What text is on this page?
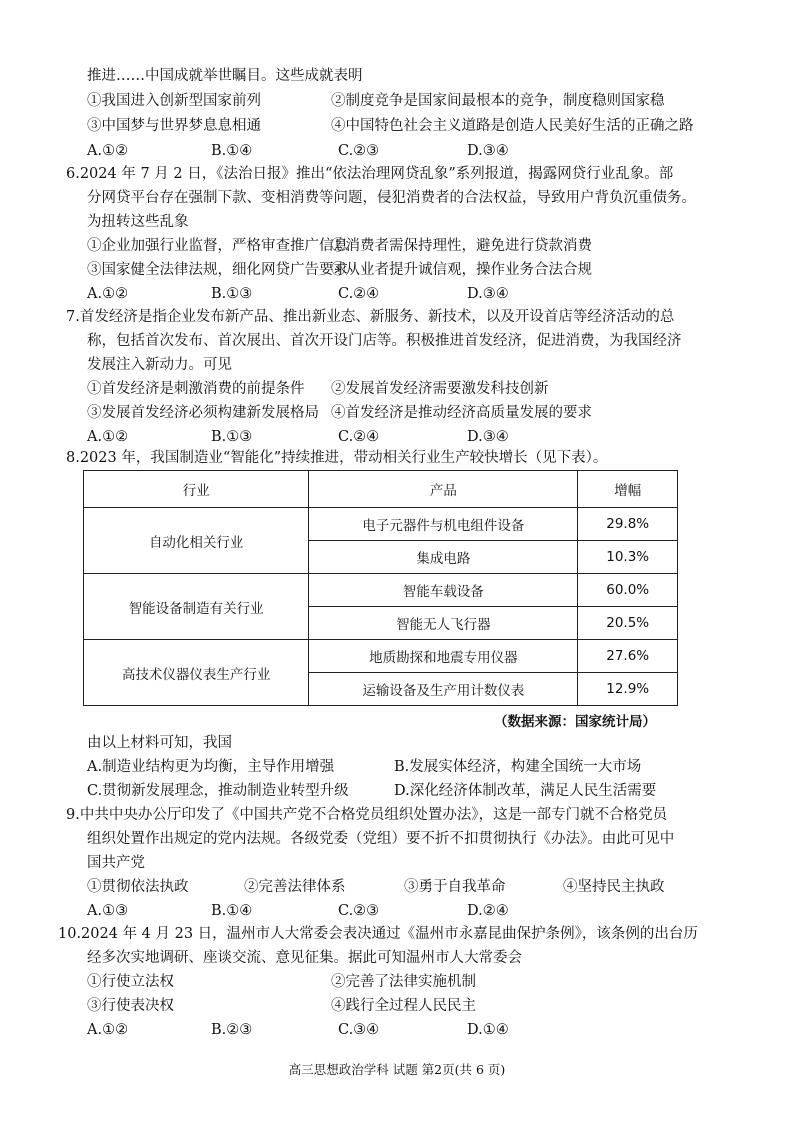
推进……中国成就举世瞩目。这些成就表明
①我国进入创新型国家前列	②制度竞争是国家间最根本的竞争，制度稳则国家稳
③中国梦与世界梦息息相通	④中国特色社会主义道路是创造人民美好生活的正确之路
A.①②	B.①④	C.②③	D.③④
6.2024 年 7 月 2 日，《法治日报》推出“依法治理网贷乱象”系列报道，揭露网贷行业乱象。部
分网贷平台存在强制下款、变相消费等问题，侵犯消费者的合法权益，导致用户背负沉重债务。
为扭转这些乱象
①企业加强行业监督，严格审查推广信息
②消费者需保持理性，避免进行贷款消费
③国家健全法律法规，细化网贷广告要求
④从业者提升诚信观，操作业务合法合规
A.①②	B.①③	C.②④	D.③④
7.首发经济是指企业发布新产品、推出新业态、新服务、新技术，以及开设首店等经济活动的总
称，包括首次发布、首次展出、首次开设门店等。积极推进首发经济，促进消费，为我国经济
发展注入新动力。可见
①首发经济是刺激消费的前提条件 ②发展首发经济需要激发科技创新
③发展首发经济必须构建新发展格局 ④首发经济是推动经济高质量发展的要求
A.①②	B.①③	C.②④	D.③④
8.2023 年，我国制造业“智能化”持续推进，带动相关行业生产较快增长（见下表）。
行业	产品	增幅
自动化相关行业	电子元器件与机电组件设备	29.8%
	集成电路	10.3%
智能设备制造有关行业	智能车载设备	60.0%
	智能无人飞行器	20.5%
高技术仪器仪表生产行业	地质勘探和地震专用仪器	27.6%
	运输设备及生产用计数仪表	12.9%
（数据来源：国家统计局）
由以上材料可知，我国
A.制造业结构更为均衡，主导作用增强	B.发展实体经济，构建全国统一大市场
C.贯彻新发展理念，推动制造业转型升级	D.深化经济体制改革，满足人民生活需要
9.中共中央办公厅印发了《中国共产党不合格党员组织处置办法》，这是一部专门就不合格党员
组织处置作出规定的党内法规。各级党委（党组）要不折不扣贯彻执行《办法》。由此可见中
国共产党
①贯彻依法执政	②完善法律体系	③勇于自我革命	④坚持民主执政
A.①③	B.①④	C.②③	D.②④
10.2024 年 4 月 23 日，温州市人大常委会表决通过《温州市永嘉昆曲保护条例》，该条例的出台历
经多次实地调研、座谈交流、意见征集。据此可知温州市人大常委会
①行使立法权	②完善了法律实施机制
③行使表决权	④践行全过程人民民主
A.①②	B.②③	C.③④	D.①④
高三思想政治学科 试题 第2页(共 6 页)
